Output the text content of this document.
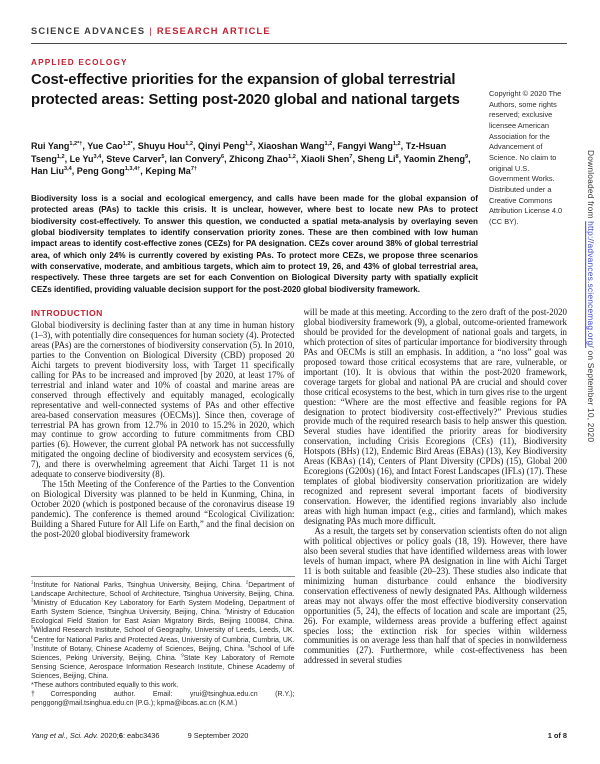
SCIENCE ADVANCES | RESEARCH ARTICLE
APPLIED ECOLOGY
Cost-effective priorities for the expansion of global terrestrial protected areas: Setting post-2020 global and national targets	Copyright © 2020 The Authors, some rights reserved; exclusive licensee American Association for the Advancement of Science. No claim to original U.S. Government Works. Distributed under a Creative Commons Attribution License 4.0 (CC BY).
Rui Yang$^{1,2*\dagger}$, Yue Cao$^{1,2*}$, Shuyu Hou$^{1,2}$, Qinyi Peng$^{1,2}$, Xiaoshan Wang$^{1,2}$, Fangyi Wang$^{1,2}$, Tz-Hsuan Tseng$^{1,2}$, Le Yu$^{3,4}$, Steve Carver$^5$, Ian Convery$^6$, Zhicong Zhao$^{1,2}$, Xiaoli Shen$^7$, Sheng Li$^8$, Yaomin Zheng$^9$, Han Liu$^{3,4}$, Peng Gong$^{1,3,4\dagger}$, Keping $Ma^{7\dagger}$
Biodiversity loss is a social and ecological emergency, and calls have been made for the global expansion of protected areas (PAs) to tackle this crisis. It is unclear, however, where best to locate new PAs to protect biodiversity cost-effectively. To answer this question, we conducted a spatial meta-analysis by overlaying seven global biodiversity templates to identify conservation priority zones. These are then combined with low human impact areas to identify cost-effective zones (CEZs) for PA designation. CEZs cover around 38% of global terrestrial area, of which only 24% is currently covered by existing PAs. To protect more CEZs, we propose three scenarios with conservative, moderate, and ambitious targets, which aim to protect 19, 26, and 43% of global terrestrial area, respectively. These three targets are set for each Convention on Biological Diversity party with spatially explicit CEZs identified, providing valuable decision support for the post-2020 global biodiversity framework.
INTRODUCTION

Global biodiversity is declining faster than at any time in human history (1–3), with potentially dire consequences for human society (4). Protected areas (PAs) are the cornerstones of biodiversity conservation (5). In 2010, parties to the Convention on Biological Diversity (CBD) proposed 20 Aichi targets to prevent biodiversity loss, with Target 11 specifically calling for PAs to be increased and improved [by 2020, at least 17% of terrestrial and inland water and 10% of coastal and marine areas are conserved through effectively and equitably managed, ecologically representative and well-connected systems of PAs and other effective area-based conservation measures (OECMs)]. Since then, coverage of terrestrial PA has grown from 12.7% in 2010 to 15.2% in 2020, which may continue to grow according to future commitments from CBD parties (6). However, the current global PA network has not successfully mitigated the ongoing decline of biodiversity and ecosystem services (6, 7), and there is overwhelming agreement that Aichi Target 11 is not adequate to conserve biodiversity (8).

The 15th Meeting of the Conference of the Parties to the Convention on Biological Diversity was planned to be held in Kunming, China, in October 2020 (which is postponed because of the coronavirus disease 19 pandemic). The conference is themed around “Ecological Civilization: Building a Shared Future for All Life on Earth,” and the final decision on the post-2020 global biodiversity framework

$^1$Institute for National Parks, Tsinghua University, Beijing, China. $^2$Department of Landscape Architecture, School of Architecture, Tsinghua University, Beijing, China. $^3$Ministry of Education Key Laboratory for Earth System Modeling, Department of Earth System Science, Tsinghua University, Beijing, China. $^4$Ministry of Education Ecological Field Station for East Asian Migratory Birds, Beijing 100084, China. $^5$Wildland Research Institute, School of Geography, University of Leeds, Leeds, UK. $^6$Centre for National Parks and Protected Areas, University of Cumbria, Cumbria, UK. $^7$Institute of Botany, Chinese Academy of Sciences, Beijing, China. $^8$School of Life Sciences, Peking University, Beijing, China. $^9$State Key Laboratory of Remote Sensing Science, Aerospace Information Research Institute, Chinese Academy of Sciences, Beijing, China.
*These authors contributed equally to this work.
†Corresponding author. Email: yrui@tsinghua.edu.cn (R.Y.); penggong@mail.tsinghua.edu.cn (P.G.); kpma@ibcas.ac.cn (K.M.)

will be made at this meeting. According to the zero draft of the post-2020 global biodiversity framework (9), a global, outcome-oriented framework should be provided for the development of national goals and targets, in which protection of sites of particular importance for biodiversity through PAs and OECMs is still an emphasis. In addition, a “no loss” goal was proposed toward those critical ecosystems that are rare, vulnerable, or important (10). It is obvious that within the post-2020 framework, coverage targets for global and national PA are crucial and should cover those critical ecosystems to the best, which in turn gives rise to the urgent question: “Where are the most effective and feasible regions for PA designation to protect biodiversity cost-effectively?” Previous studies provide much of the required research basis to help answer this question. Several studies have identified the priority areas for biodiversity conservation, including Crisis Ecoregions (CEs) (11), Biodiversity Hotspots (BHs) (12), Endemic Bird Areas (EBAs) (13), Key Biodiversity Areas (KBAs) (14), Centers of Plant Diversity (CPDs) (15), Global 200 Ecoregions (G200s) (16), and Intact Forest Landscapes (IFLs) (17). These templates of global biodiversity conservation prioritization are widely recognized and represent several important facets of biodiversity conservation. However, the identified regions invariably also include areas with high human impact (e.g., cities and farmland), which makes designating PAs much more difficult.

As a result, the targets set by conservation scientists often do not align with political objectives or policy goals (18, 19). However, there have also been several studies that have identified wilderness areas with lower levels of human impact, where PA designation in line with Aichi Target 11 is both suitable and feasible (20–23). These studies also indicate that minimizing human disturbance could enhance the biodiversity conservation effectiveness of newly designated PAs. Although wilderness areas may not always offer the most effective biodiversity conservation opportunities (5, 24), the effects of location and scale are important (25, 26). For example, wilderness areas provide a buffering effect against species loss; the extinction risk for species within wilderness communities is on average less than half that of species in nonwilderness communities (27). Furthermore, while cost-effectiveness has been addressed in several studies

Yang et al., Sci. Adv. 2020;6: eabc3436	9 September 2020	1 of 8
Downloaded from http://advances.sciencemag.org/ on September 10, 2020
